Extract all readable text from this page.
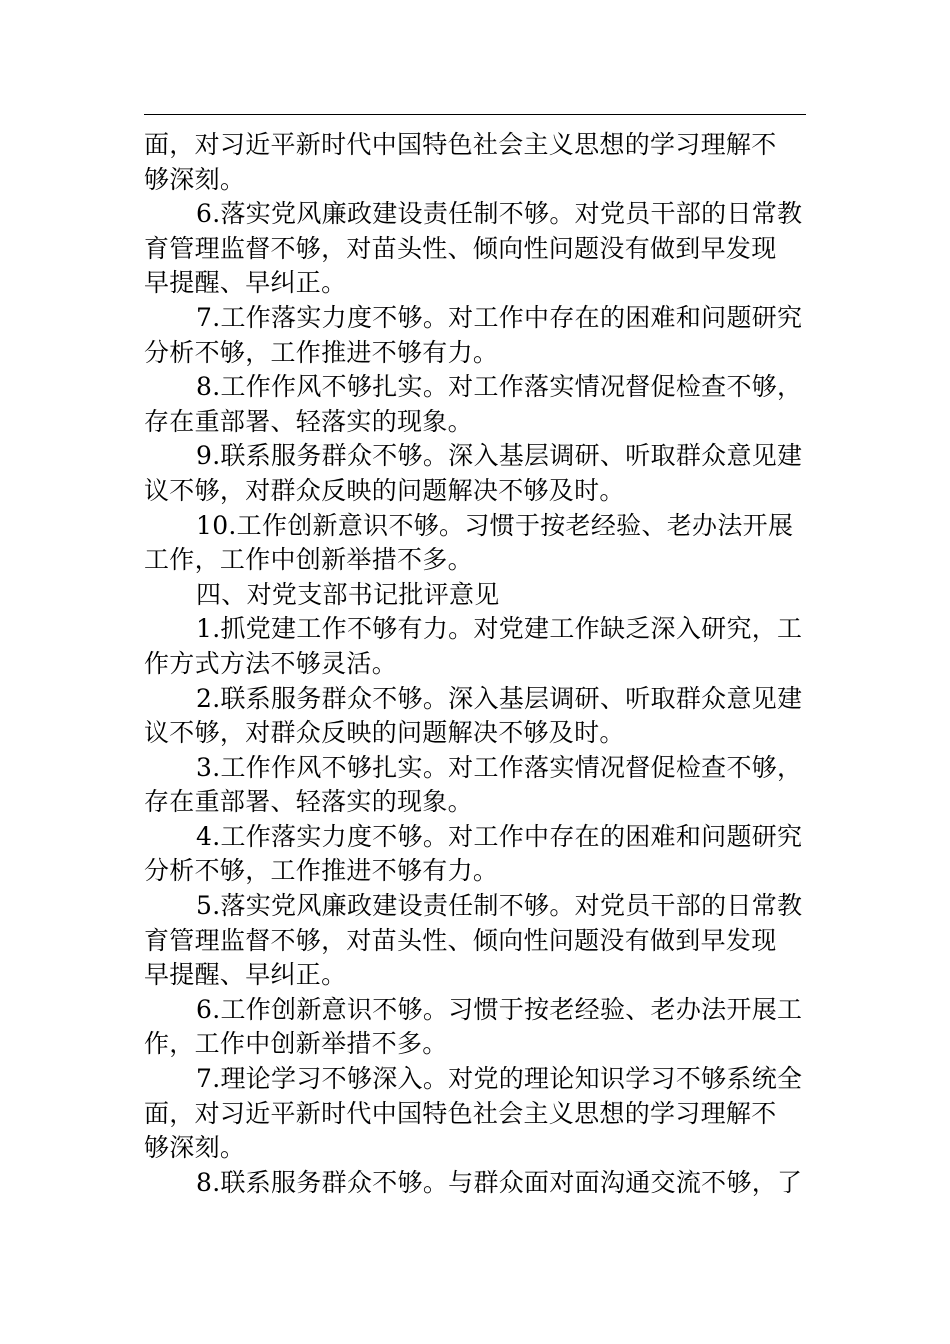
面，对习近平新时代中国特色社会主义思想的学习理解不
够深刻。

6.落实党风廉政建设责任制不够。对党员干部的日常教
育管理监督不够，对苗头性、倾向性问题没有做到早发现
早提醒、早纠正。

7.工作落实力度不够。对工作中存在的困难和问题研究
分析不够，工作推进不够有力。

8.工作作风不够扎实。对工作落实情况督促检查不够，
存在重部署、轻落实的现象。

9.联系服务群众不够。深入基层调研、听取群众意见建
议不够，对群众反映的问题解决不够及时。

10.工作创新意识不够。习惯于按老经验、老办法开展
工作，工作中创新举措不多。

四、对党支部书记批评意见

1.抓党建工作不够有力。对党建工作缺乏深入研究，工
作方式方法不够灵活。

2.联系服务群众不够。深入基层调研、听取群众意见建
议不够，对群众反映的问题解决不够及时。

3.工作作风不够扎实。对工作落实情况督促检查不够，
存在重部署、轻落实的现象。

4.工作落实力度不够。对工作中存在的困难和问题研究
分析不够，工作推进不够有力。

5.落实党风廉政建设责任制不够。对党员干部的日常教
育管理监督不够，对苗头性、倾向性问题没有做到早发现
早提醒、早纠正。

6.工作创新意识不够。习惯于按老经验、老办法开展工
作，工作中创新举措不多。

7.理论学习不够深入。对党的理论知识学习不够系统全
面，对习近平新时代中国特色社会主义思想的学习理解不
够深刻。

8.联系服务群众不够。与群众面对面沟通交流不够，了
